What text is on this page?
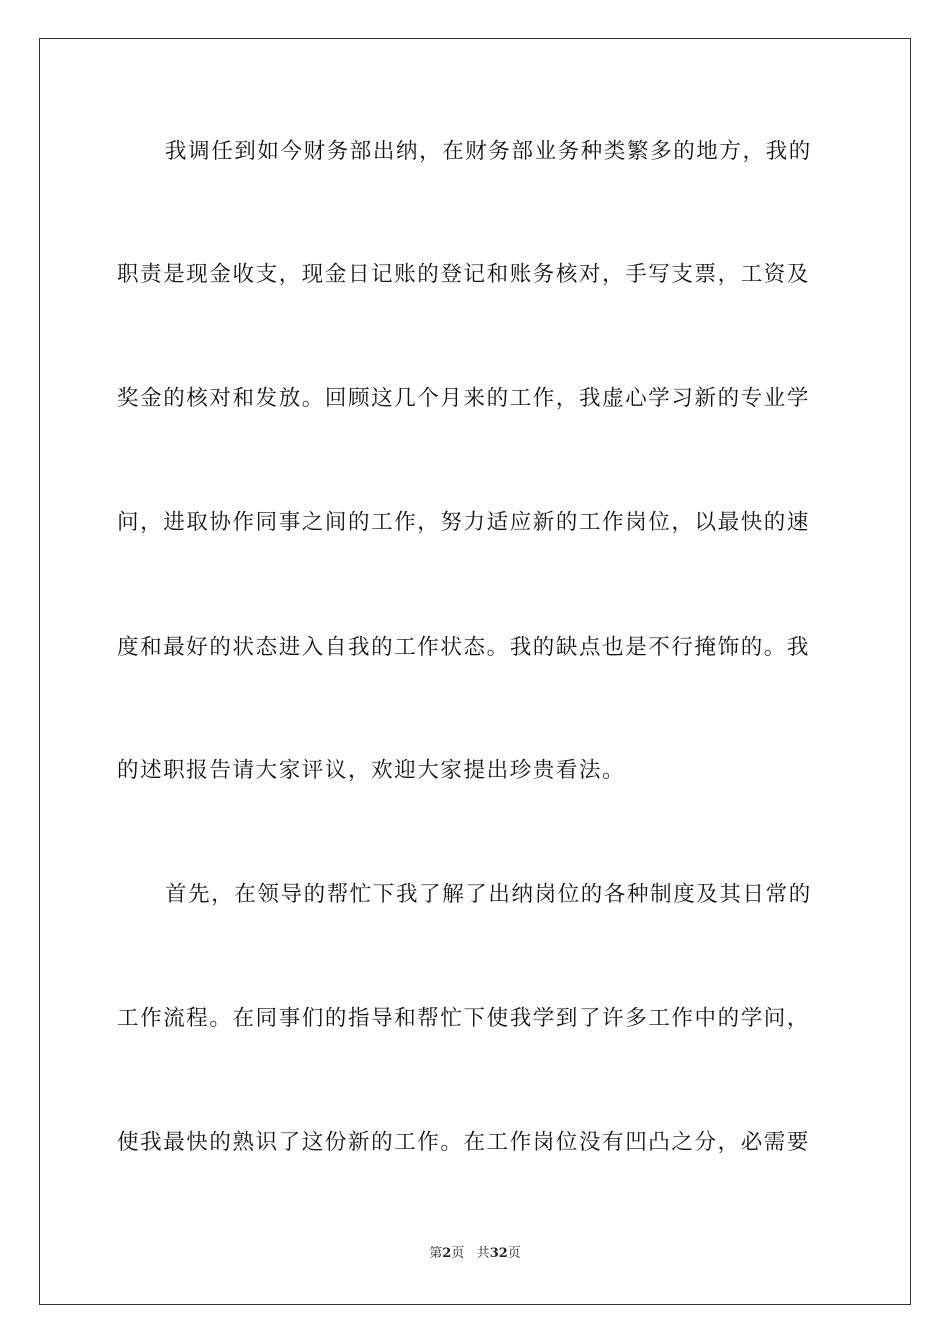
我调任到如今财务部出纳，在财务部业务种类繁多的地方，我的
职责是现金收支，现金日记账的登记和账务核对，手写支票，工资及
奖金的核对和发放。回顾这几个月来的工作，我虚心学习新的专业学
问，进取协作同事之间的工作，努力适应新的工作岗位，以最快的速
度和最好的状态进入自我的工作状态。我的缺点也是不行掩饰的。我
的述职报告请大家评议，欢迎大家提出珍贵看法。
首先，在领导的帮忙下我了解了出纳岗位的各种制度及其日常的
工作流程。在同事们的指导和帮忙下使我学到了许多工作中的学问，
使我最快的熟识了这份新的工作。在工作岗位没有凹凸之分，必需要
第2页 共32页
